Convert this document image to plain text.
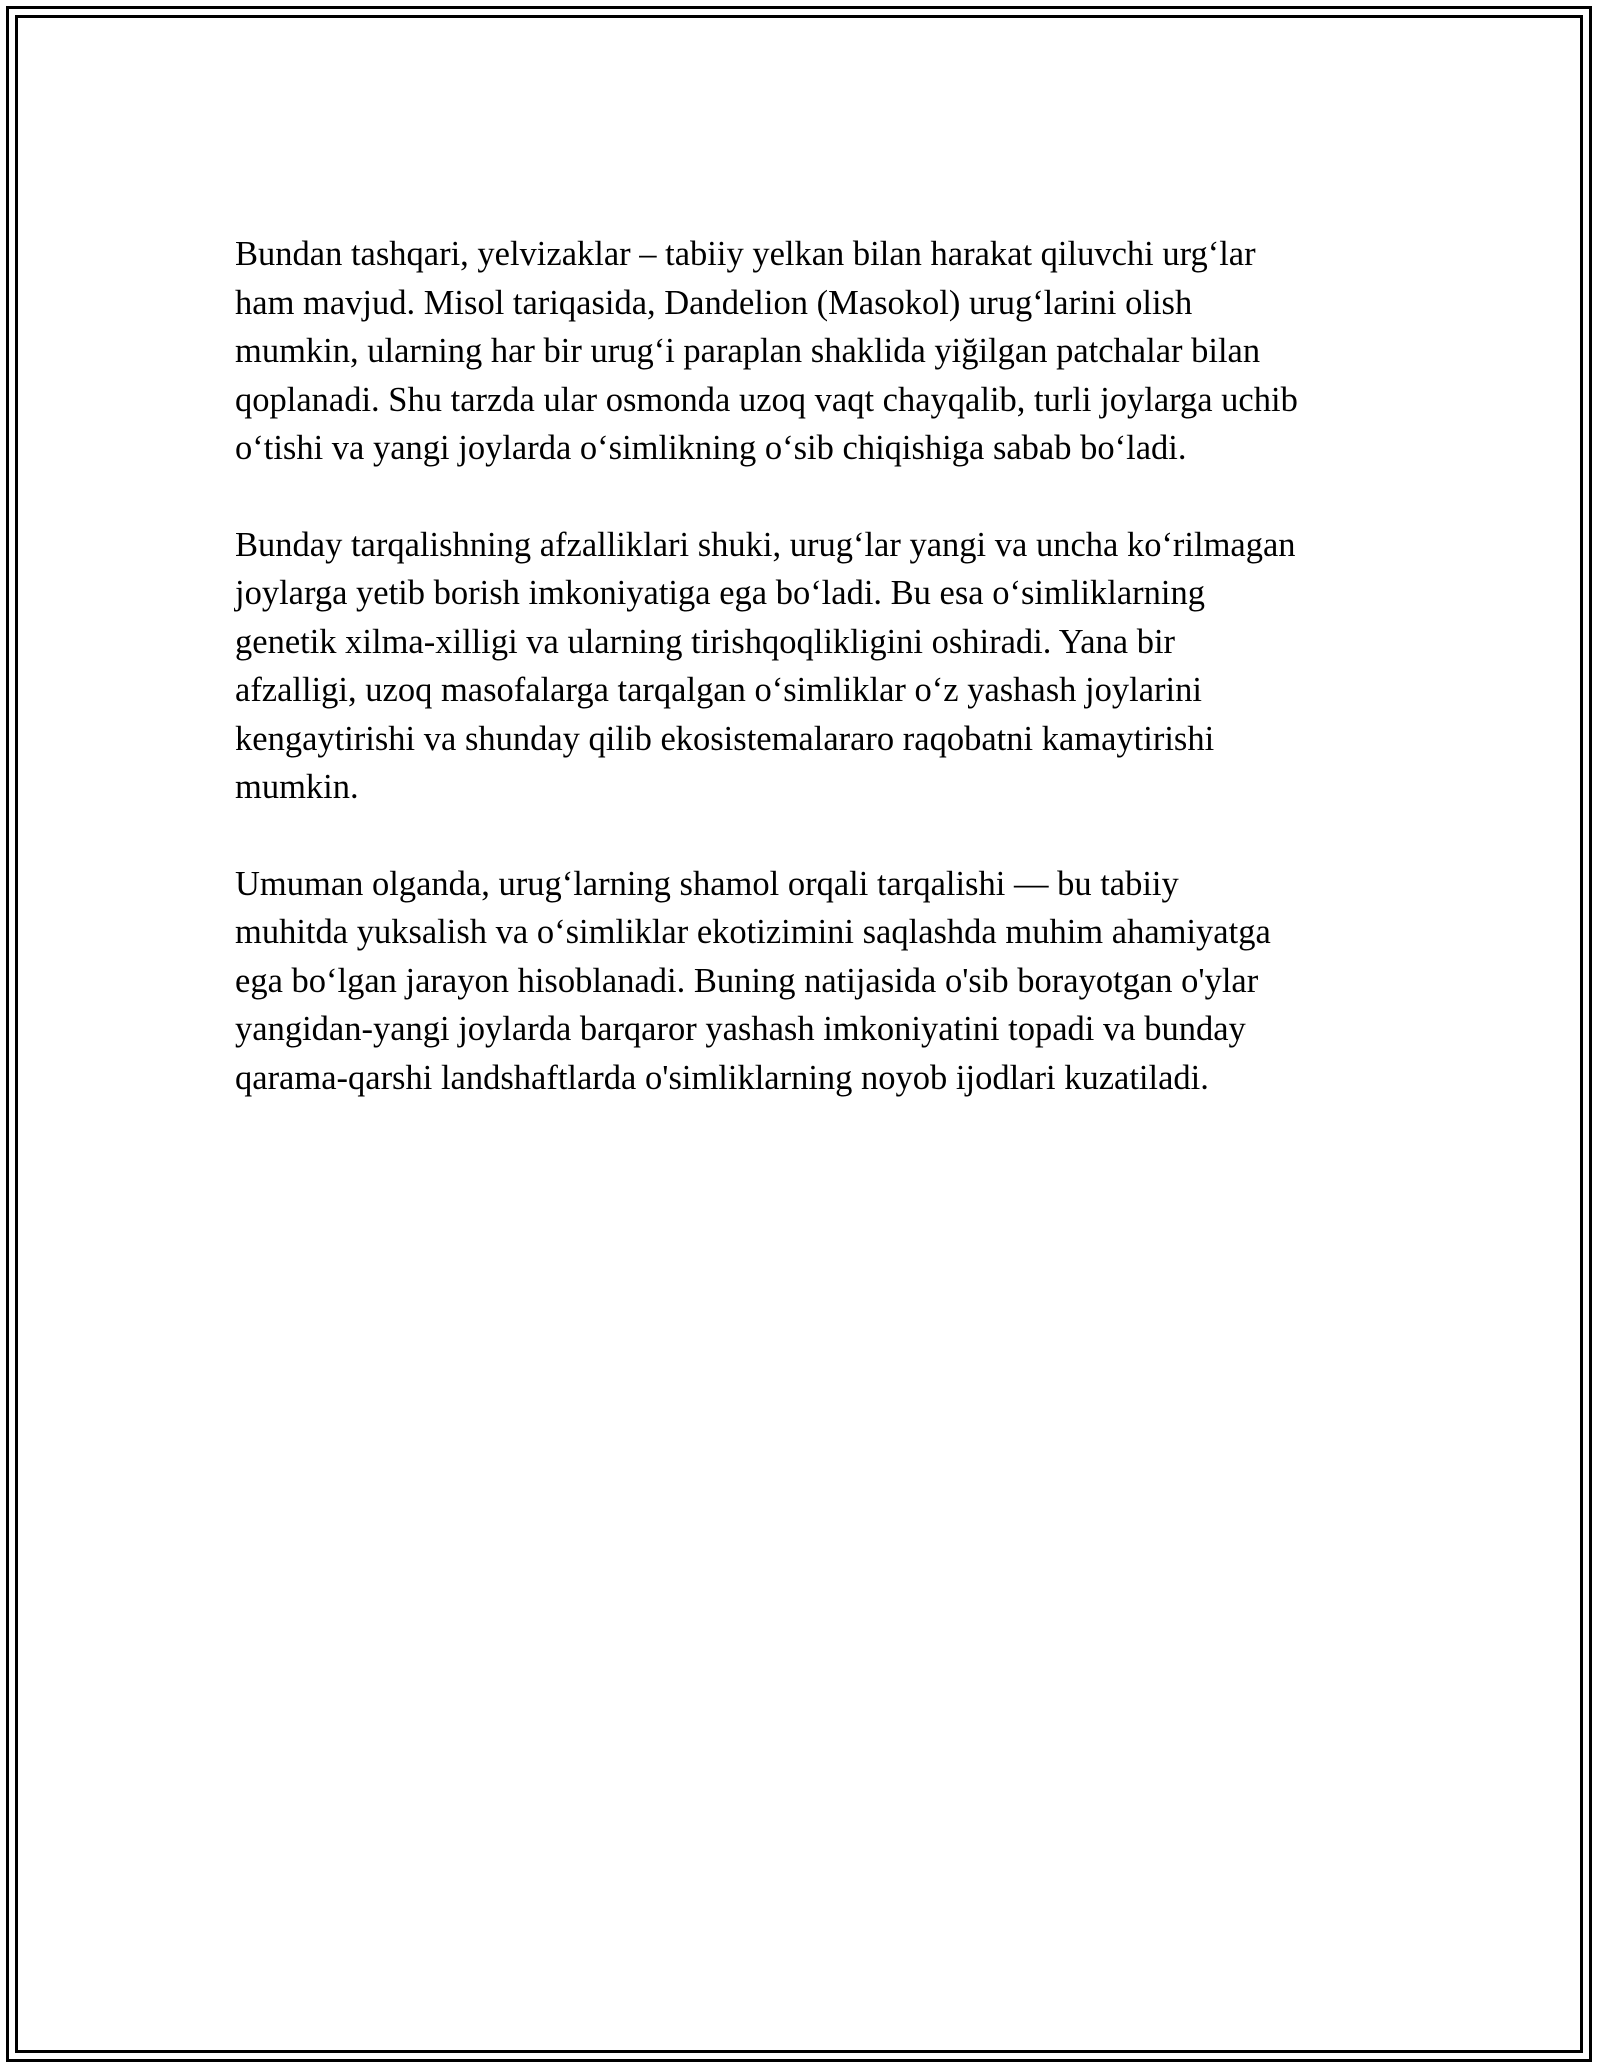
Bundan tashqari, yelvizaklar – tabiiy yelkan bilan harakat qiluvchi urg‘lar
ham mavjud. Misol tariqasida, Dandelion (Masokol) urug‘larini olish
mumkin, ularning har bir urug‘i paraplan shaklida yiğilgan patchalar bilan
qoplanadi. Shu tarzda ular osmonda uzoq vaqt chayqalib, turli joylarga uchib
o‘tishi va yangi joylarda o‘simlikning o‘sib chiqishiga sabab bo‘ladi.

Bunday tarqalishning afzalliklari shuki, urug‘lar yangi va uncha ko‘rilmagan
joylarga yetib borish imkoniyatiga ega bo‘ladi. Bu esa o‘simliklarning
genetik xilma-xilligi va ularning tirishqoqlikligini oshiradi. Yana bir
afzalligi, uzoq masofalarga tarqalgan o‘simliklar o‘z yashash joylarini
kengaytirishi va shunday qilib ekosistemalararo raqobatni kamaytirishi
mumkin.

Umuman olganda, urug‘larning shamol orqali tarqalishi — bu tabiiy
muhitda yuksalish va o‘simliklar ekotizimini saqlashda muhim ahamiyatga
ega bo‘lgan jarayon hisoblanadi. Buning natijasida o'sib borayotgan o'ylar
yangidan-yangi joylarda barqaror yashash imkoniyatini topadi va bunday
qarama-qarshi landshaftlarda o'simliklarning noyob ijodlari kuzatiladi.
